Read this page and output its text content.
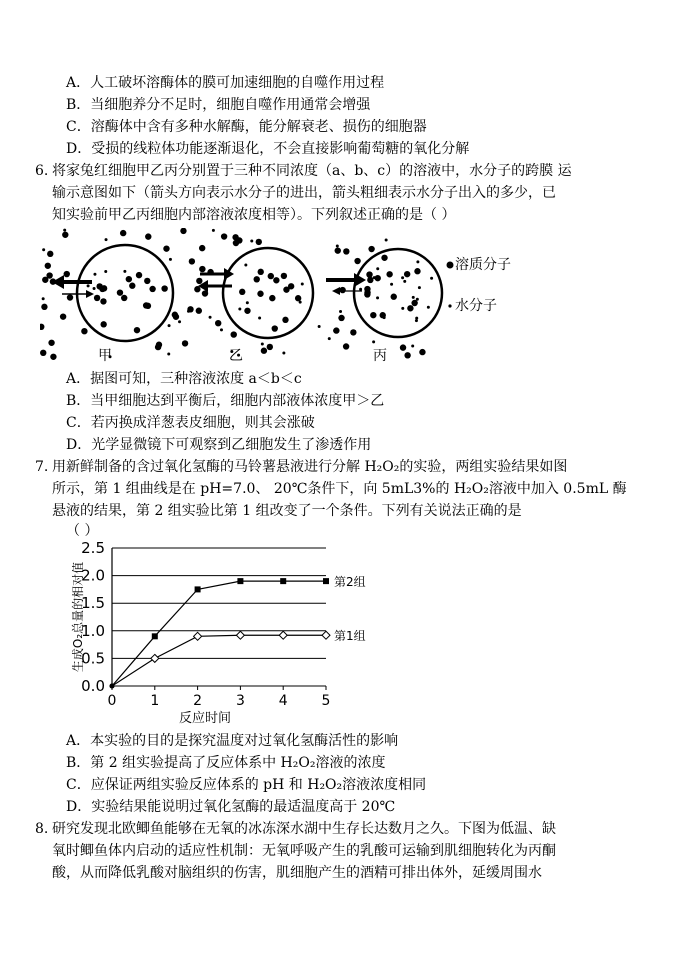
A．人工破坏溶酶体的膜可加速细胞的自噬作用过程
B．当细胞养分不足时，细胞自噬作用通常会增强
C．溶酶体中含有多种水解酶，能分解衰老、损伤的细胞器
D．受损的线粒体功能逐渐退化，不会直接影响葡萄糖的氧化分解
6. 将家兔红细胞甲乙丙分别置于三种不同浓度（a、b、c）的溶液中，水分子的跨膜 运
输示意图如下（箭头方向表示水分子的进出，箭头粗细表示水分子出入的多少，已
知实验前甲乙丙细胞内部溶液浓度相等）。下列叙述正确的是（ ）
溶质分子
水分子
甲	乙	丙
A．据图可知，三种溶液浓度 a＜b＜c
B．当甲细胞达到平衡后，细胞内部液体浓度甲＞乙
C．若丙换成洋葱表皮细胞，则其会涨破
D．光学显微镜下可观察到乙细胞发生了渗透作用
7. 用新鲜制备的含过氧化氢酶的马铃薯悬液进行分解 H₂O₂的实验，两组实验结果如图
所示，第 1 组曲线是在 pH=7.0、 20℃条件下，向 5mL3%的 H₂O₂溶液中加入 0.5mL 酶
悬液的结果，第 2 组实验比第 1 组改变了一个条件。下列有关说法正确的是
（ ）
0.0
0.5
1.0
1.5
2.0
2.5
0 1 2 3 4 5
反应时间
生成O₂总量的相对值	第2组
第1组
A．本实验的目的是探究温度对过氧化氢酶活性的影响
B．第 2 组实验提高了反应体系中 H₂O₂溶液的浓度
C．应保证两组实验反应体系的 pH 和 H₂O₂溶液浓度相同
D．实验结果能说明过氧化氢酶的最适温度高于 20℃
8. 研究发现北欧鲫鱼能够在无氧的冰冻深水湖中生存长达数月之久。下图为低温、缺
氧时鲫鱼体内启动的适应性机制：无氧呼吸产生的乳酸可运输到肌细胞转化为丙酮
酸，从而降低乳酸对脑组织的伤害，肌细胞产生的酒精可排出体外，延缓周围水
